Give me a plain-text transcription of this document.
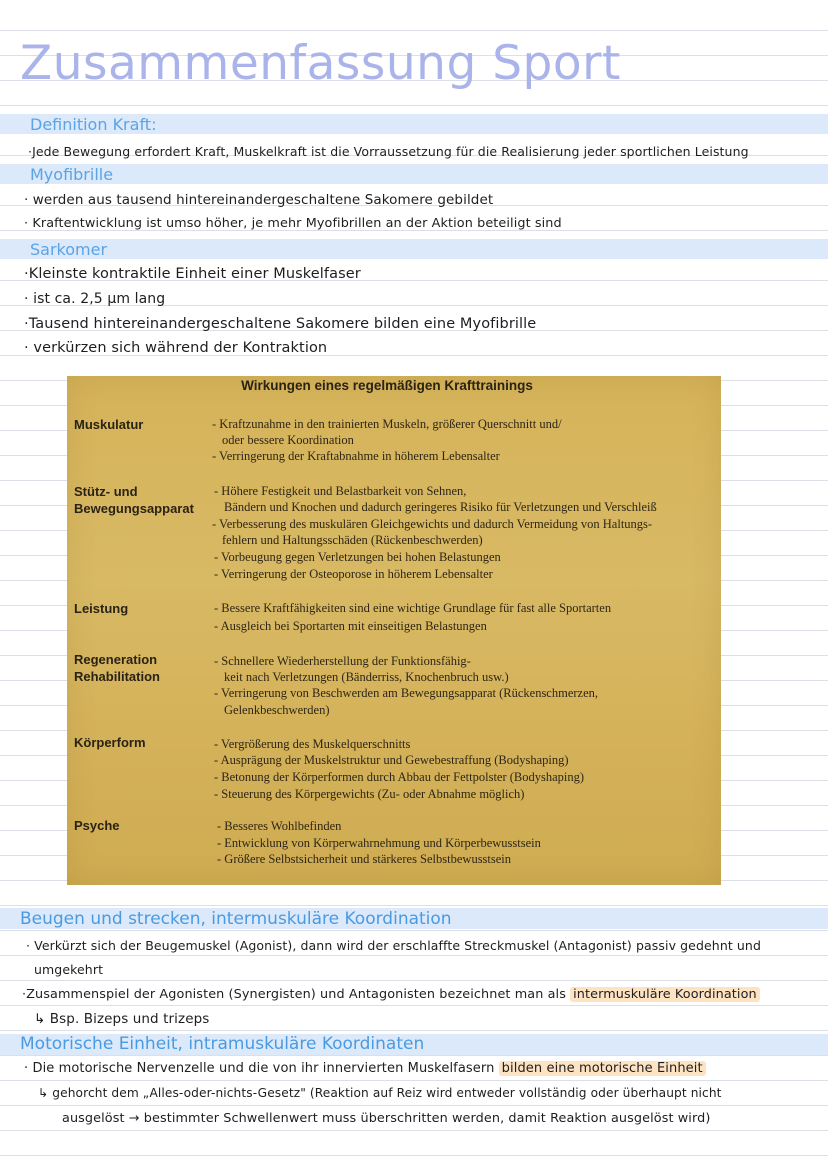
Zusammenfassung Sport
Definition Kraft:
·Jede Bewegung erfordert Kraft, Muskelkraft ist die Vorraussetzung für die Realisierung jeder sportlichen Leistung
Myofibrille
· werden aus tausend hintereinandergeschaltene Sakomere gebildet
· Kraftentwicklung ist umso höher, je mehr Myofibrillen an der Aktion beteiligt sind
Sarkomer
·Kleinste kontraktile Einheit einer Muskelfaser
· ist ca. 2,5 µm lang
·Tausend hintereinandergeschaltene Sakomere bilden eine Myofibrille
· verkürzen sich während der Kontraktion
Wirkungen eines regelmäßigen Krafttrainings
Muskulatur	- Kraftzunahme in den trainierten Muskeln, größerer Querschnitt und/
oder bessere Koordination
- Verringerung der Kraftabnahme in höherem Lebensalter
Stütz- und
Bewegungsapparat
- Höhere Festigkeit und Belastbarkeit von Sehnen,
Bändern und Knochen und dadurch geringeres Risiko für Verletzungen und Verschleiß
- Verbesserung des muskulären Gleichgewichts und dadurch Vermeidung von Haltungs-
fehlern und Haltungsschäden (Rückenbeschwerden)
- Vorbeugung gegen Verletzungen bei hohen Belastungen
- Verringerung der Osteoporose in höherem Lebensalter
Leistung	- Bessere Kraftfähigkeiten sind eine wichtige Grundlage für fast alle Sportarten
- Ausgleich bei Sportarten mit einseitigen Belastungen
Regeneration
Rehabilitation
- Schnellere Wiederherstellung der Funktionsfähig-
keit nach Verletzungen (Bänderriss, Knochenbruch usw.)
- Verringerung von Beschwerden am Bewegungsapparat (Rückenschmerzen,
Gelenkbeschwerden)
Körperform	- Vergrößerung des Muskelquerschnitts
- Ausprägung der Muskelstruktur und Gewebestraffung (Bodyshaping)
- Betonung der Körperformen durch Abbau der Fettpolster (Bodyshaping)
- Steuerung des Körpergewichts (Zu- oder Abnahme möglich)
Psyche	- Besseres Wohlbefinden
- Entwicklung von Körperwahrnehmung und Körperbewusstsein
- Größere Selbstsicherheit und stärkeres Selbstbewusstsein
Beugen und strecken, intermuskuläre Koordination
· Verkürzt sich der Beugemuskel (Agonist), dann wird der erschlaffte Streckmuskel (Antagonist) passiv gedehnt und
umgekehrt
·Zusammenspiel der Agonisten (Synergisten) und Antagonisten bezeichnet man als intermuskuläre Koordination
↳ Bsp. Bizeps und trizeps
Motorische Einheit, intramuskuläre Koordinaten
· Die motorische Nervenzelle und die von ihr innervierten Muskelfasern bilden eine motorische Einheit
↳ gehorcht dem „Alles-oder-nichts-Gesetz" (Reaktion auf Reiz wird entweder vollständig oder überhaupt nicht
ausgelöst → bestimmter Schwellenwert muss überschritten werden, damit Reaktion ausgelöst wird)
